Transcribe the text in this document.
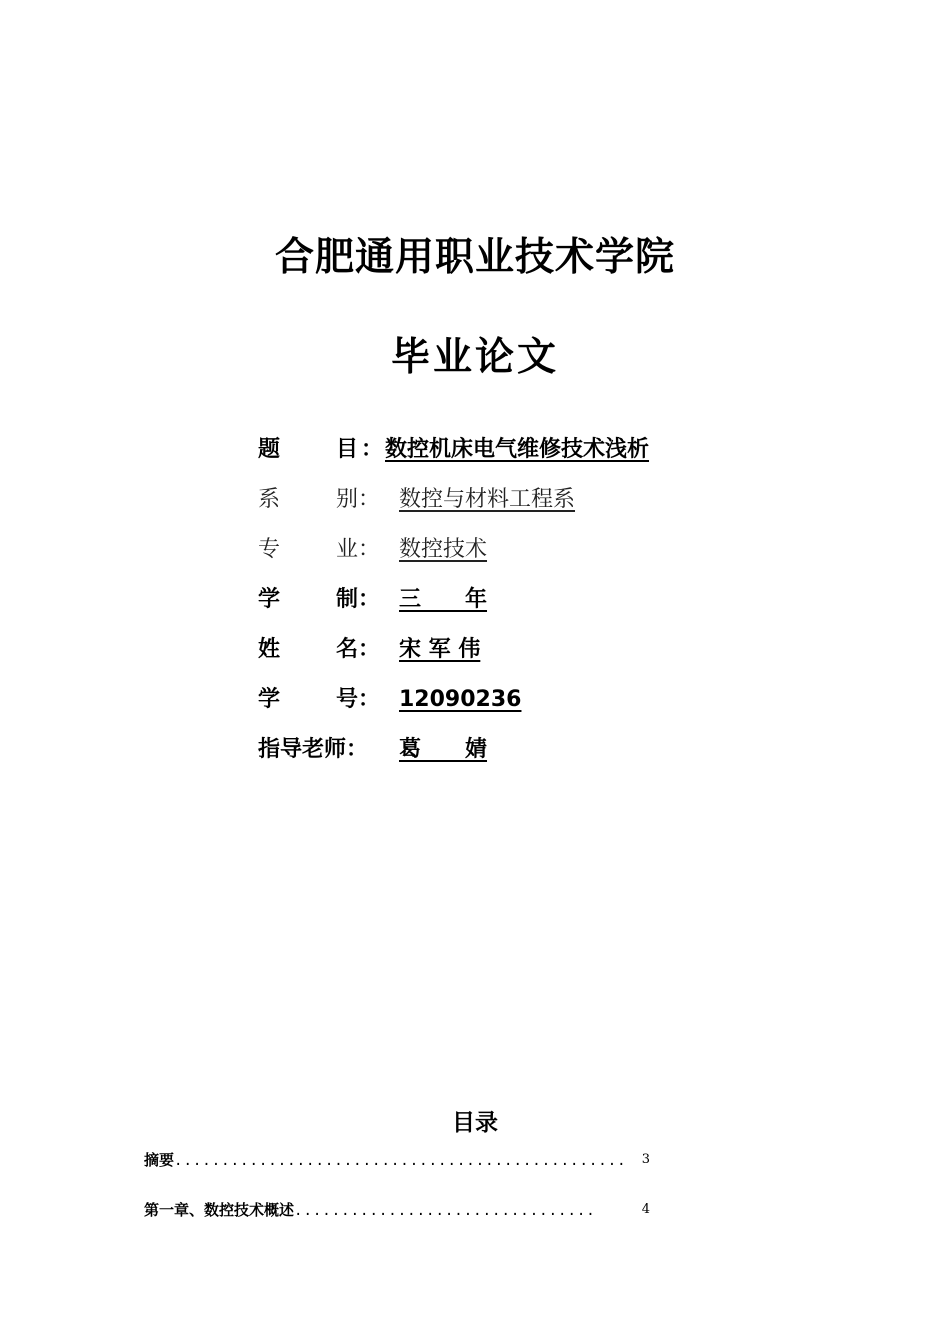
合肥通用职业技术学院
毕业论文
题	目 ： 数控机床电气维修技术浅析
系	别 ： 数控与材料工程系
专	业 ： 数控技术
学	制 ： 三　　年
姓	名 ： 宋 军 伟
学	号 ： 12090236
指导老师： 葛　　婧
目录
摘要................................................ 3
第一章、数控技术概述................................	4
